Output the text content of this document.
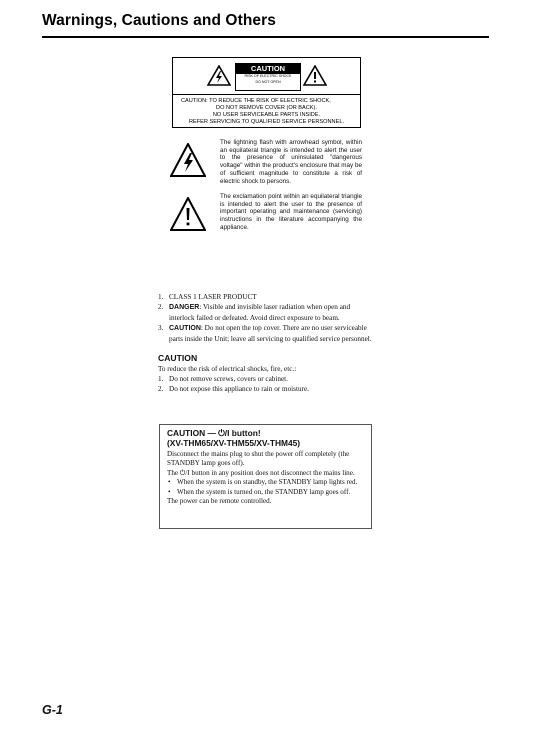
Warnings, Cautions and Others
CAUTION
RISK OF ELECTRIC SHOCK
DO NOT OPEN
CAUTION: TO REDUCE THE RISK OF ELECTRIC SHOCK,
DO NOT REMOVE COVER (OR BACK).
NO USER SERVICEABLE PARTS INSIDE.
REFER SERVICING TO QUALIFIED SERVICE PERSONNEL.
The lightning flash with arrowhead symbol, within an equilateral triangle is intended to alert the user to the presence of uninsulated "dangerous voltage" within the product's enclosure that may be of sufficient magnitude to constitute a risk of electric shock to persons.
The exclamation point within an equilateral triangle is intended to alert the user to the presence of important operating and maintenance (servicing) instructions in the literature accompanying the appliance.
1. CLASS 1 LASER PRODUCT
2. DANGER: Visible and invisible laser radiation when open and interlock failed or defeated. Avoid direct exposure to beam.
3. CAUTION: Do not open the top cover. There are no user serviceable parts inside the Unit; leave all servicing to qualified service personnel.
CAUTION
To reduce the risk of electrical shocks, fire, etc.:
1. Do not remove screws, covers or cabinet.
2. Do not expose this appliance to rain or moisture.
CAUTION — ⏻/I button!
(XV-THM65/XV-THM55/XV-THM45)

Disconnect the mains plug to shut the power off completely (the STANDBY lamp goes off).

The ⏻/I button in any position does not disconnect the mains line.

• When the system is on standby, the STANDBY lamp lights red.

• When the system is turned on, the STANDBY lamp goes off.

The power can be remote controlled.

G-1
